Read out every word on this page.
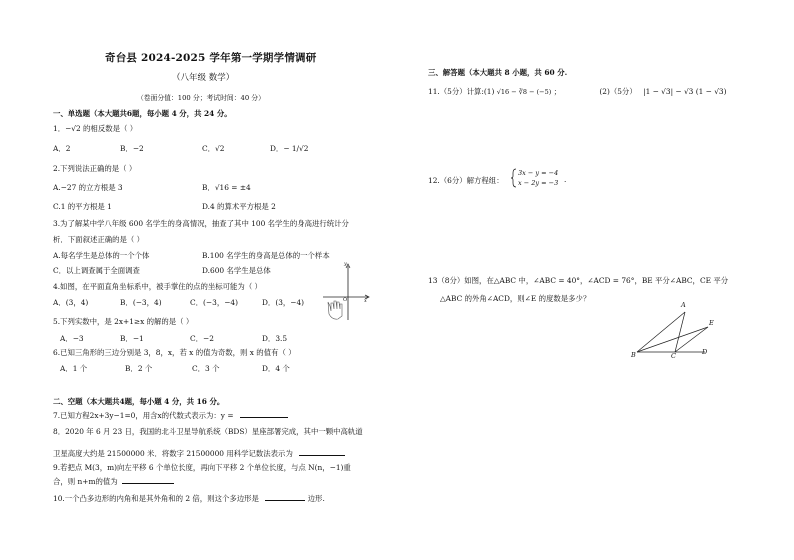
奇台县 2024-2025 学年第一学期学情调研
（八年级 数学）
（卷面分值：100 分；考试时间：40 分）
一、单选题（本大题共6题，每小题 4 分，共 24 分。
1．−√2 的相反数是（ ）
A．2	B．−2	C．√2	D．− 1/√2
2.下列说法正确的是（ ）
A.−27 的立方根是 3	B．√16 = ±4
C.1 的平方根是 1	D.4 的算术平方根是 2
3.为了解某中学八年级 600 名学生的身高情况，抽查了其中 100 名学生的身高进行统计分
析．下面叙述正确的是（ ）
A.每名学生是总体的一个个体	B.100 名学生的身高是总体的一个样本
C．以上调查属于全面调查	D.600 名学生是总体
4.如图，在平面直角坐标系中，被手掌住的点的坐标可能为（ ）
A．(3，4)	B．(−3，4)	C．(−3，−4)	D．(3，−4)
y
x
O
5.下列实数中，是 2x+1≥x 的解的是（ ）
A．−3	B．−1	C．−2	D．3.5
6.已知三角形的三边分别是 3，8，x，若 x 的值为奇数，则 x 的值有（ ）
A．1 个	B．2 个	C．3 个	D．4 个
二、空题（本大题共4题，每小题 4 分，共 16 分。
7.已知方程2x+3y−1=0，用含x的代数式表示为：y =
8．2020 年 6 月 23 日，我国的北斗卫星导航系统（BDS）星座部署完成，其中一颗中高轨道
卫星高度大约是 21500000 米．将数字 21500000 用科学记数法表示为
9.若把点 M(3，m)向左平移 6 个单位长度，再向下平移 2 个单位长度，与点 N(n，−1)重
合，则 n+m的值为
10.一个凸多边形的内角和是其外角和的 2 倍，则这个多边形是	边形.
三、解答题（本大题共 8 小题，共 60 分.
11.（5分）计算:(1) √16 − ∛8 − (−5) ；	(2)（5分） |1 − √3| − √3 (1 − √3)
12.（6分）解方程组：
3x − y = −4
x − 2y = −3 .
13（8分）如图，在△ABC 中，∠ABC = 40°，∠ACD = 76°，BE 平分∠ABC，CE 平分
△ABC 的外角∠ACD，则∠E 的度数是多少？
A
E
B	C	D
